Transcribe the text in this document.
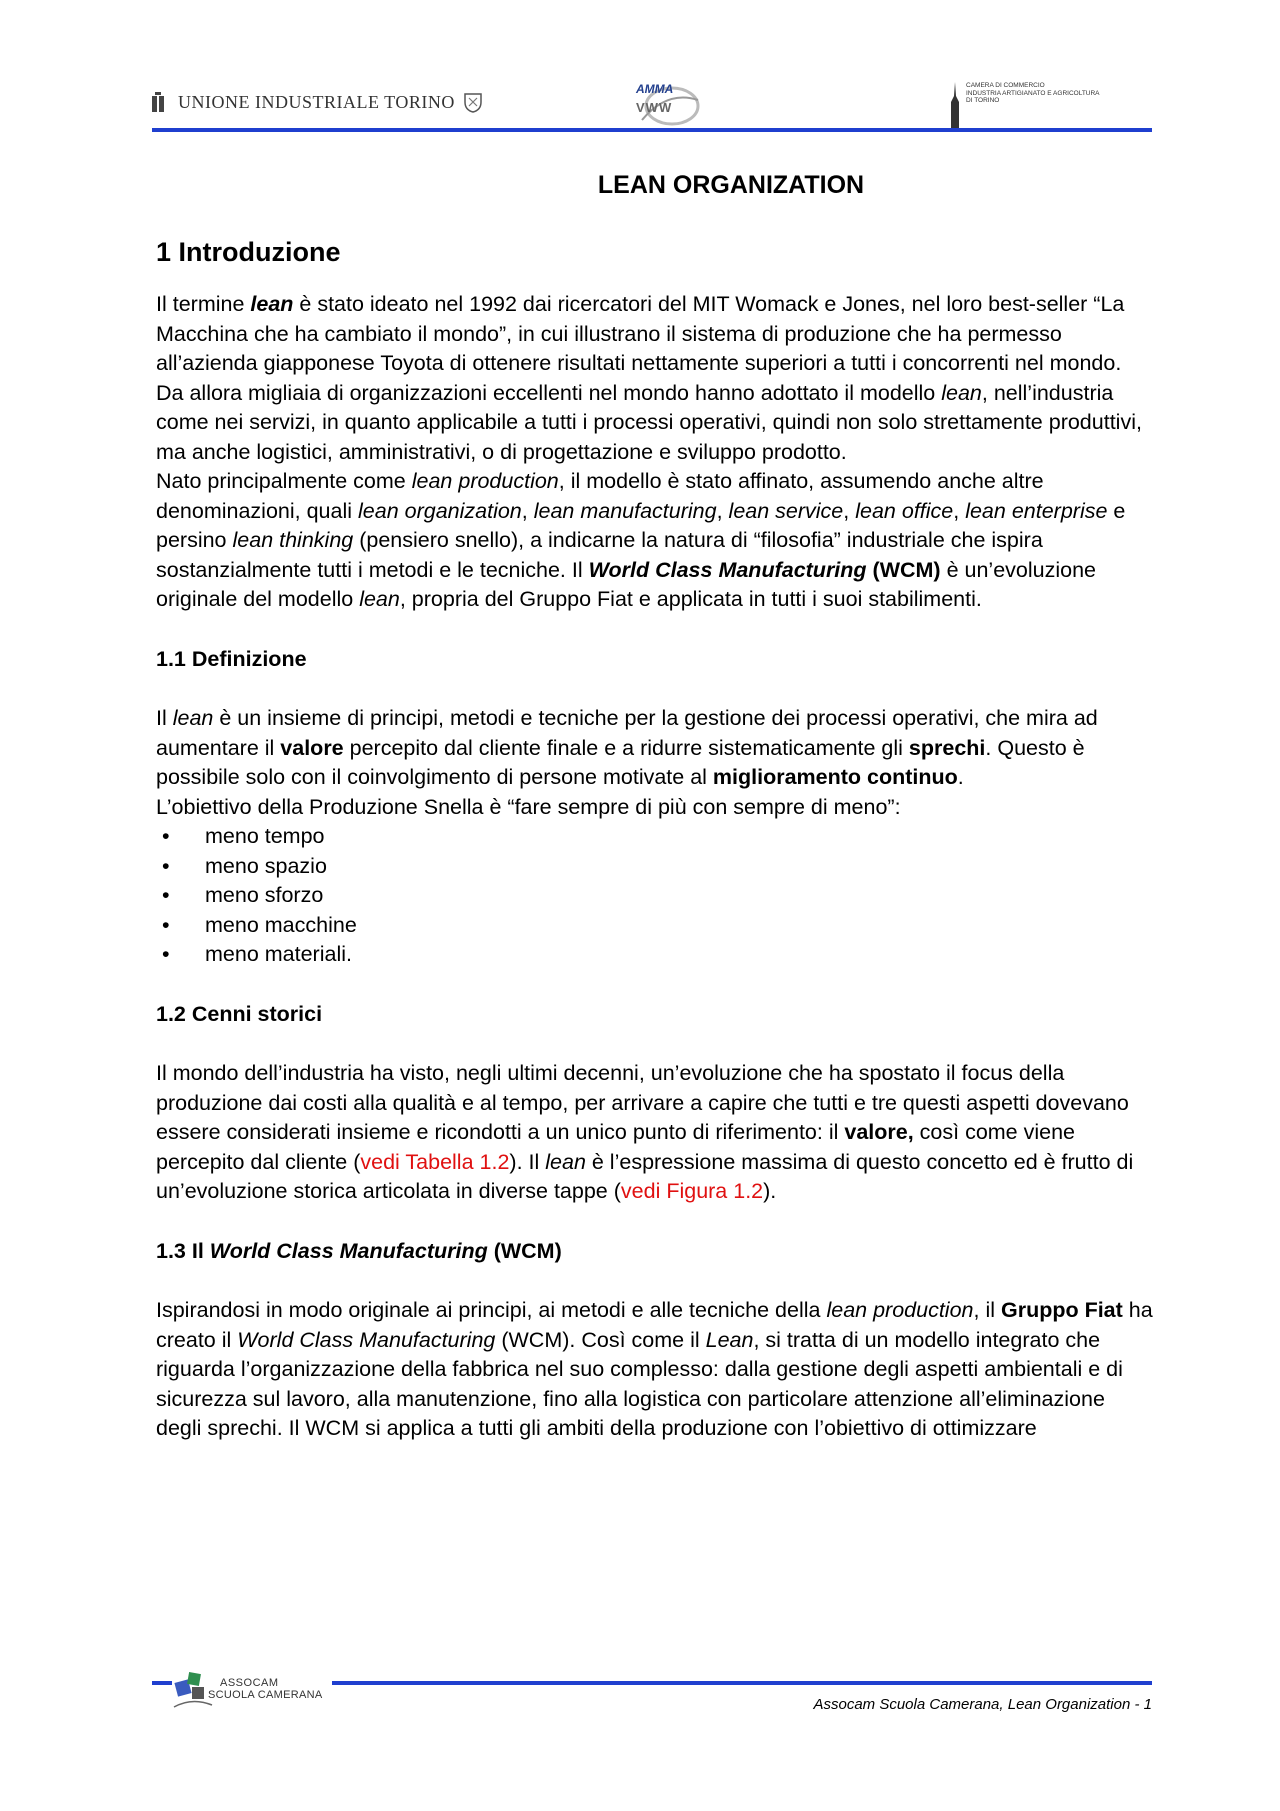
UNIONE INDUSTRIALE TORINO
AMMA
VWW
CAMERA DI COMMERCIO
INDUSTRIA ARTIGIANATO E AGRICOLTURA
DI TORINO
LEAN ORGANIZATION
1 Introduzione

Il termine lean è stato ideato nel 1992 dai ricercatori del MIT Womack e Jones, nel loro best-seller “La Macchina che ha cambiato il mondo”, in cui illustrano il sistema di produzione che ha permesso all’azienda giapponese Toyota di ottenere risultati nettamente superiori a tutti i concorrenti nel mondo.

Da allora migliaia di organizzazioni eccellenti nel mondo hanno adottato il modello lean, nell’industria come nei servizi, in quanto applicabile a tutti i processi operativi, quindi non solo strettamente produttivi, ma anche logistici, amministrativi, o di progettazione e sviluppo prodotto.

Nato principalmente come lean production, il modello è stato affinato, assumendo anche altre denominazioni, quali lean organization, lean manufacturing, lean service, lean office, lean enterprise e persino lean thinking (pensiero snello), a indicarne la natura di “filosofia” industriale che ispira sostanzialmente tutti i metodi e le tecniche. Il World Class Manufacturing (WCM) è un’evoluzione originale del modello lean, propria del Gruppo Fiat e applicata in tutti i suoi stabilimenti.

1.1 Definizione

Il lean è un insieme di principi, metodi e tecniche per la gestione dei processi operativi, che mira ad aumentare il valore percepito dal cliente finale e a ridurre sistematicamente gli sprechi. Questo è possibile solo con il coinvolgimento di persone motivate al miglioramento continuo.

L’obiettivo della Produzione Snella è “fare sempre di più con sempre di meno”:

• meno tempo
• meno spazio
• meno sforzo
• meno macchine
• meno materiali.
1.2 Cenni storici

Il mondo dell’industria ha visto, negli ultimi decenni, un’evoluzione che ha spostato il focus della produzione dai costi alla qualità e al tempo, per arrivare a capire che tutti e tre questi aspetti dovevano essere considerati insieme e ricondotti a un unico punto di riferimento: il valore, così come viene percepito dal cliente (vedi Tabella 1.2). Il lean è l’espressione massima di questo concetto ed è frutto di un’evoluzione storica articolata in diverse tappe (vedi Figura 1.2).

1.3 Il World Class Manufacturing (WCM)

Ispirandosi in modo originale ai principi, ai metodi e alle tecniche della lean production, il Gruppo Fiat ha creato il World Class Manufacturing (WCM). Così come il Lean, si tratta di un modello integrato che riguarda l’organizzazione della fabbrica nel suo complesso: dalla gestione degli aspetti ambientali e di sicurezza sul lavoro, alla manutenzione, fino alla logistica con particolare attenzione all’eliminazione degli sprechi. Il WCM si applica a tutti gli ambiti della produzione con l’obiettivo di ottimizzare

ASSOCAM
SCUOLA CAMERANA
Assocam Scuola Camerana, Lean Organization - 1
